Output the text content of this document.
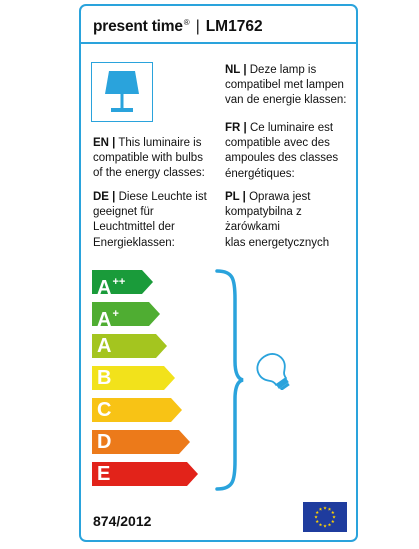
present time® | LM1762
NL | Deze lamp is
compatibel met lampen
van de energie klassen:
EN | This luminaire is
compatible with bulbs
of the energy classes:
FR | Ce luminaire est
compatible avec des
ampoules des classes
énergétiques:
DE | Diese Leuchte ist
geeignet für
Leuchtmittel der
Energieklassen:
PL | Oprawa jest
kompatybilna z
żarówkami
klas energetycznych
A++
A+
A
B
C
D
E
874/2012
